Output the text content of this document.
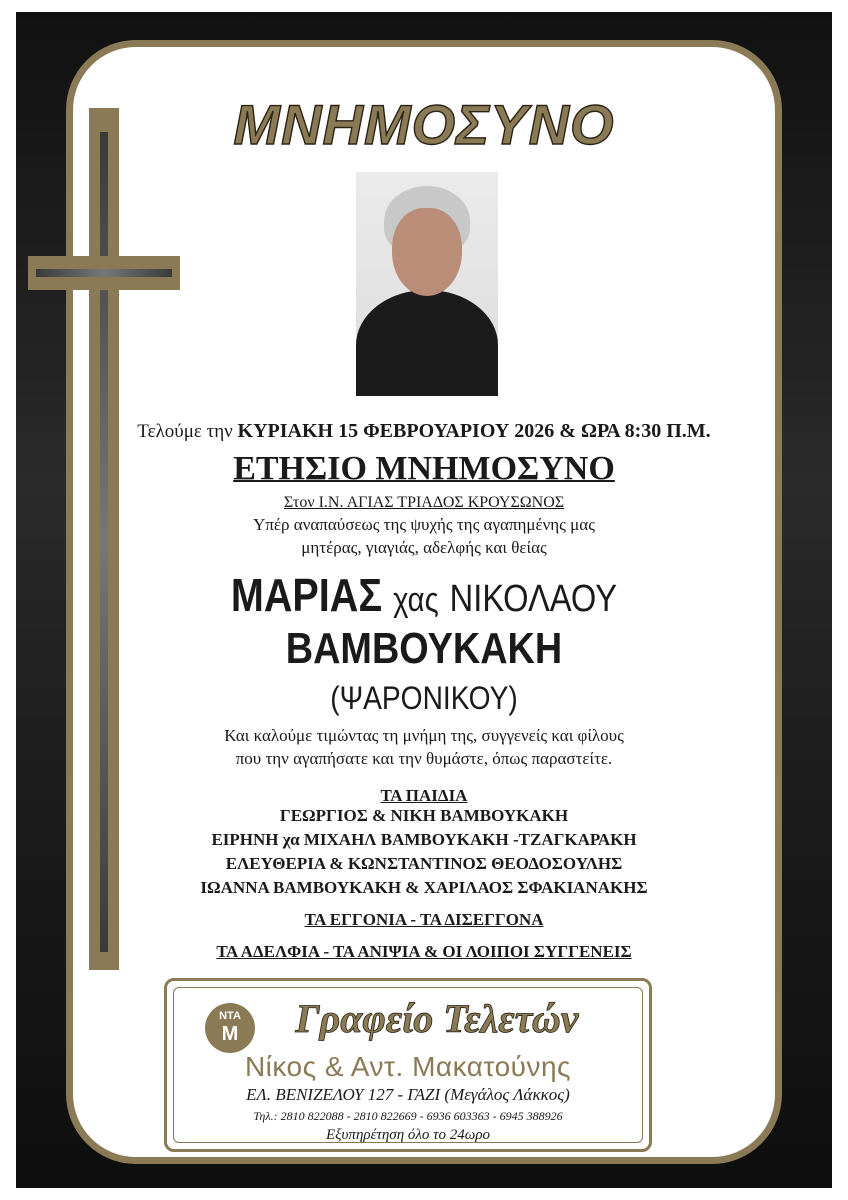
ΜΝΗΜΟΣΥΝΟ
Τελούμε την ΚΥΡΙΑΚΗ 15 ΦΕΒΡΟΥΑΡΙΟΥ 2026 & ΩΡΑ 8:30 Π.Μ.
ΕΤΗΣΙΟ ΜΝΗΜΟΣΥΝΟ
Στον Ι.Ν. ΑΓΙΑΣ ΤΡΙΑΔΟΣ ΚΡΟΥΣΩΝΟΣ
Υπέρ αναπαύσεως της ψυχής της αγαπημένης μας
μητέρας, γιαγιάς, αδελφής και θείας
ΜΑΡΙΑΣ χας ΝΙΚΟΛΑΟΥ
ΒΑΜΒΟΥΚΑΚΗ
(ΨΑΡΟΝΙΚΟΥ)
Και καλούμε τιμώντας τη μνήμη της, συγγενείς και φίλους
που την αγαπήσατε και την θυμάστε, όπως παραστείτε.
ΤΑ ΠΑΙΔΙΑ
ΓΕΩΡΓΙΟΣ & ΝΙΚΗ ΒΑΜΒΟΥΚΑΚΗ
ΕΙΡΗΝΗ χα ΜΙΧΑΗΛ ΒΑΜΒΟΥΚΑΚΗ -ΤΖΑΓΚΑΡΑΚΗ
ΕΛΕΥΘΕΡΙΑ & ΚΩΝΣΤΑΝΤΙΝΟΣ ΘΕΟΔΟΣΟΥΛΗΣ
ΙΩΑΝΝΑ ΒΑΜΒΟΥΚΑΚΗ & ΧΑΡΙΛΑΟΣ ΣΦΑΚΙΑΝΑΚΗΣ
ΤΑ ΕΓΓΟΝΙΑ - ΤΑ ΔΙΣΕΓΓΟΝΑ
ΤΑ ΑΔΕΛΦΙΑ - ΤΑ ΑΝΙΨΙΑ & ΟΙ ΛΟΙΠΟΙ ΣΥΓΓΕΝΕΙΣ
ΝΤΑ
Μ	Γραφείο Τελετών
Νίκος & Αντ. Μακατούνης
ΕΛ. ΒΕΝΙΖΕΛΟΥ 127 - ΓΑΖΙ (Μεγάλος Λάκκος)
Τηλ.: 2810 822088 - 2810 822669 - 6936 603363 - 6945 388926
Εξυπηρέτηση όλο το 24ωρο
